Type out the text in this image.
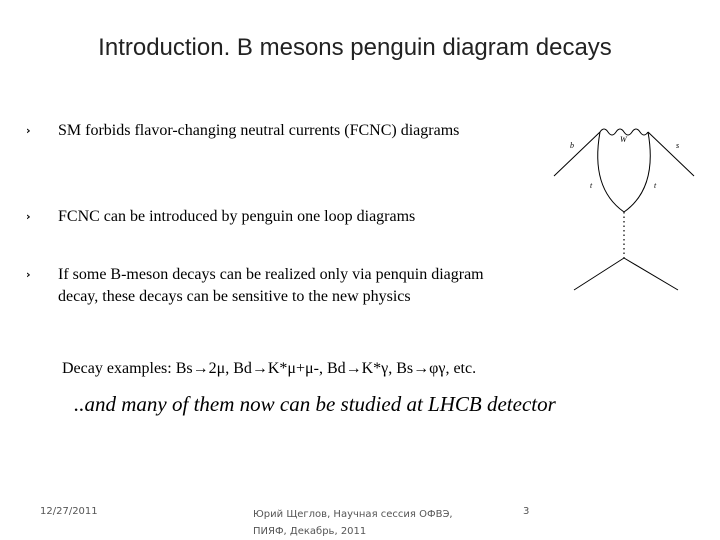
Introduction. B mesons penguin diagram decays
› SM forbids flavor-changing neutral currents (FCNC) diagrams
› FCNC can be introduced by penguin one loop diagrams
› If some B-meson decays can be realized only via penquin diagram decay, these decays can be sensitive to the new physics
b	s
W
t	t
Decay examples: Bs→2μ, Bd→K*μ+μ-, Bd→K*γ, Bs→φγ, etc.
..and many of them now can be studied at LHCB detector
12/27/2011	Юрий Щеглов, Научная сессия ОФВЭ,
ПИЯФ, Декабрь, 2011
3
